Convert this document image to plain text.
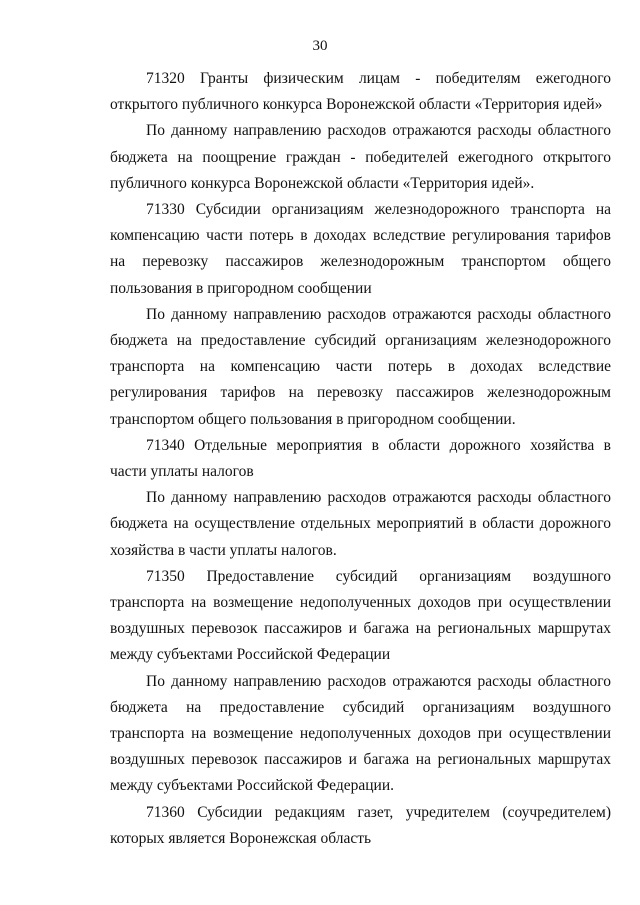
30

71320 Гранты физическим лицам - победителям ежегодного открытого публичного конкурса Воронежской области «Территория идей»

По данному направлению расходов отражаются расходы областного бюджета на поощрение граждан - победителей ежегодного открытого публичного конкурса Воронежской области «Территория идей».

71330 Субсидии организациям железнодорожного транспорта на компенсацию части потерь в доходах вследствие регулирования тарифов на перевозку пассажиров железнодорожным транспортом общего пользования в пригородном сообщении

По данному направлению расходов отражаются расходы областного бюджета на предоставление субсидий организациям железнодорожного транспорта на компенсацию части потерь в доходах вследствие регулирования тарифов на перевозку пассажиров железнодорожным транспортом общего пользования в пригородном сообщении.

71340 Отдельные мероприятия в области дорожного хозяйства в части уплаты налогов

По данному направлению расходов отражаются расходы областного бюджета на осуществление отдельных мероприятий в области дорожного хозяйства в части уплаты налогов.

71350 Предоставление субсидий организациям воздушного транспорта на возмещение недополученных доходов при осуществлении воздушных перевозок пассажиров и багажа на региональных маршрутах между субъектами Российской Федерации

По данному направлению расходов отражаются расходы областного бюджета на предоставление субсидий организациям воздушного транспорта на возмещение недополученных доходов при осуществлении воздушных перевозок пассажиров и багажа на региональных маршрутах между субъектами Российской Федерации.

71360 Субсидии редакциям газет, учредителем (соучредителем) которых является Воронежская область
